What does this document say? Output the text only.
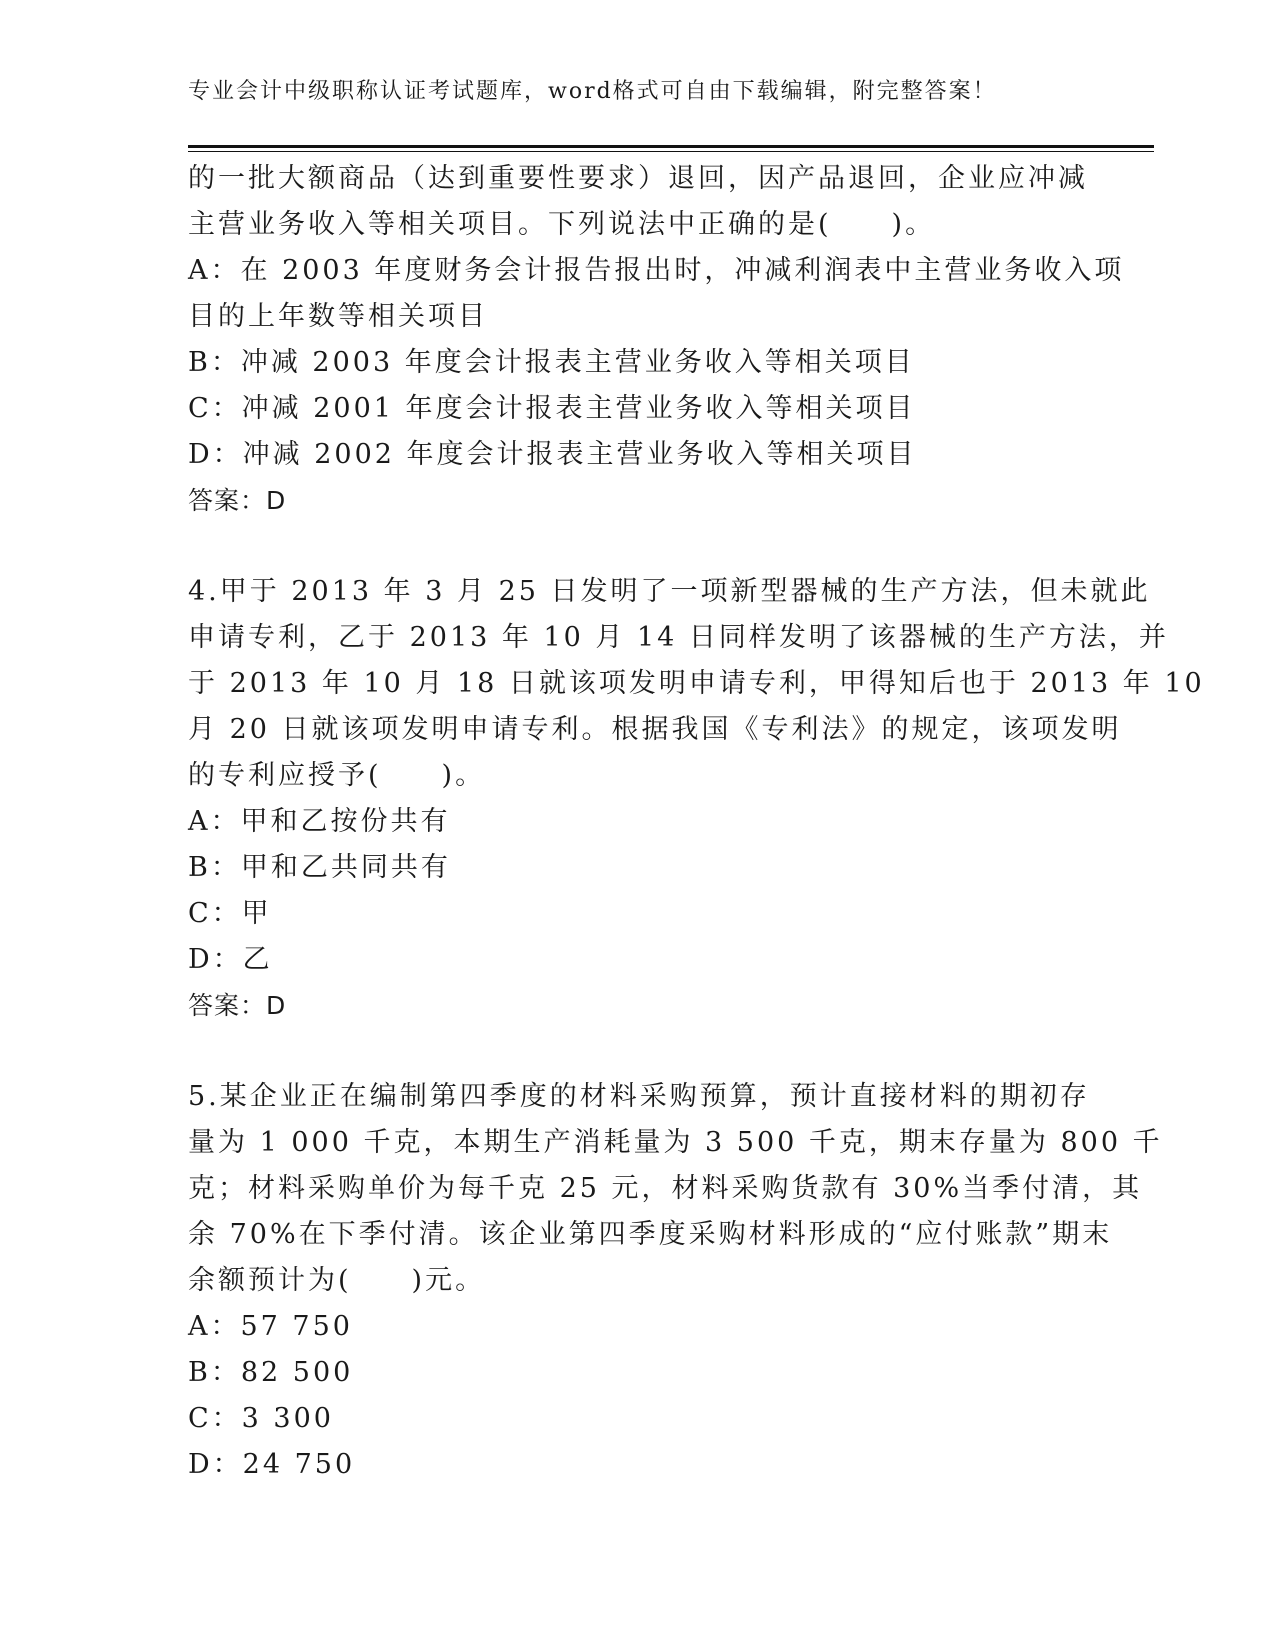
专业会计中级职称认证考试题库，word格式可自由下载编辑，附完整答案！
的一批大额商品（达到重要性要求）退回，因产品退回，企业应冲减
主营业务收入等相关项目。下列说法中正确的是(　　)。
A：在 2003 年度财务会计报告报出时，冲减利润表中主营业务收入项
目的上年数等相关项目
B：冲减 2003 年度会计报表主营业务收入等相关项目
C：冲减 2001 年度会计报表主营业务收入等相关项目
D：冲减 2002 年度会计报表主营业务收入等相关项目
答案：D
4.甲于 2013 年 3 月 25 日发明了一项新型器械的生产方法，但未就此
申请专利，乙于 2013 年 10 月 14 日同样发明了该器械的生产方法，并
于 2013 年 10 月 18 日就该项发明申请专利，甲得知后也于 2013 年 10
月 20 日就该项发明申请专利。根据我国《专利法》的规定，该项发明
的专利应授予(　　)。
A：甲和乙按份共有
B：甲和乙共同共有
C：甲
D：乙
答案：D
5.某企业正在编制第四季度的材料采购预算，预计直接材料的期初存
量为 1 000 千克，本期生产消耗量为 3 500 千克，期末存量为 800 千
克；材料采购单价为每千克 25 元，材料采购货款有 30%当季付清，其
余 70%在下季付清。该企业第四季度采购材料形成的“应付账款”期末
余额预计为(　　)元。
A：57 750
B：82 500
C：3 300
D：24 750
